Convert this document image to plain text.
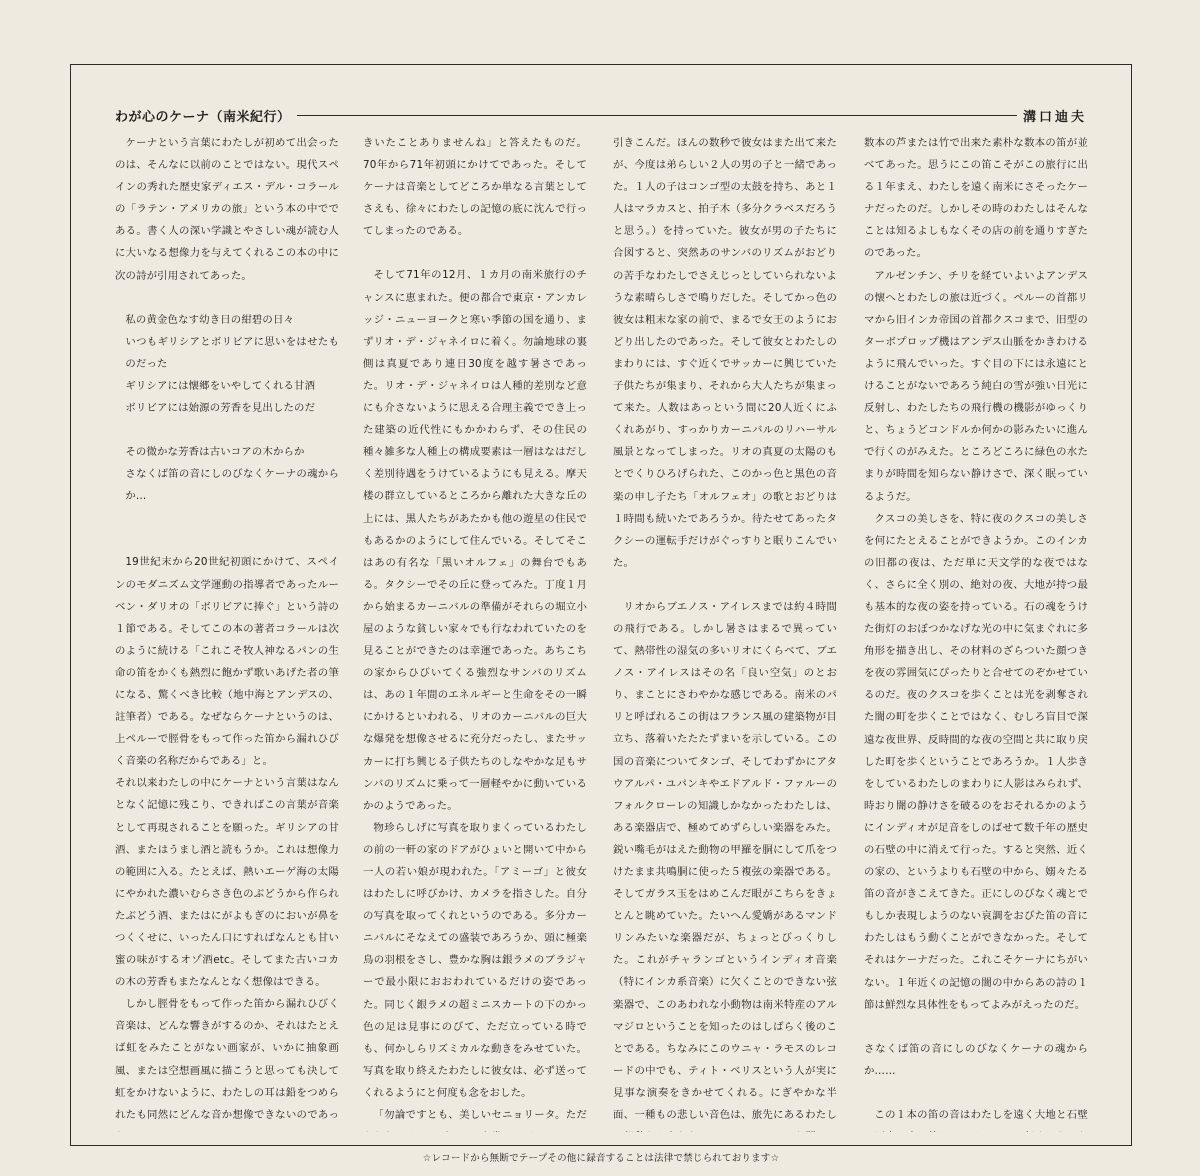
わが心のケーナ（南米紀行）	溝口迪夫

ケーナという言葉にわたしが初めて出会ったのは、そんなに以前のことではない。現代スペインの秀れた歴史家ディエス・デル・コラールの「ラテン・アメリカの旅」という本の中でである。書く人の深い学識とやさしい魂が読む人に大いなる想像力を与えてくれるこの本の中に次の詩が引用されてあった。

私の黄金色なす幼き日の紺碧の日々

いつもギリシアとボリビアに思いをはせたものだった

ギリシアには懐郷をいやしてくれる甘酒

ボリビアには始源の芳香を見出したのだ

その微かな芳香は古いコアの木からか

さなくば笛の音にしのびなくケーナの魂からか…

19世紀末から20世紀初頭にかけて、スペインのモダニズム文学運動の指導者であったルーベン・ダリオの「ボリビアに捧ぐ」という詩の１節である。そしてこの本の著者コラールは次のように続ける「これこそ牧人神なるパンの生命の笛をかくも熱烈に飽かず歌いあげた者の筆になる、驚くべき比較（地中海とアンデスの、註筆者）である。なぜならケーナというのは、上ペルーで脛骨をもって作った笛から漏れひびく音楽の名称だからである」と。

それ以来わたしの中にケーナという言葉はなんとなく記憶に残こり、できればこの言葉が音楽として再現されることを願った。ギリシアの甘酒、またはうまし酒と読もうか。これは想像力の範囲に入る。たとえば、熱いエーゲ海の太陽にやかれた濃いむらさき色のぶどうから作られたぶどう酒、またはにがよもぎのにおいが鼻をつくくせに、いったん口にすればなんとも甘い蜜の味がするオゾ酒etc。そしてまた古いコカの木の芳香もまたなんとなく想像はできる。

しかし脛骨をもって作った笛から漏れひびく音楽は、どんな響きがするのか、それはたとえば虹をみたことがない画家が、いかに抽象画風、または空想画風に描こうと思っても決して虹をかけないように、わたしの耳は鉛をつめられたも同然にどんな音か想像できないのであっ

きいたことありませんね」と答えたものだ。70年から71年初頭にかけてであった。そしてケーナは音楽としてどころか単なる言葉としてさえも、徐々にわたしの記憶の底に沈んで行ってしまったのである。

そして71年の12月、１カ月の南米旅行のチャンスに恵まれた。便の都合で東京・アンカレッジ・ニューヨークと寒い季節の国を通り、まずリオ・デ・ジャネイロに着く。勿論地球の裏側は真夏であり連日30度を越す暑さであった。リオ・デ・ジャネイロは人種的差別など意にも介さないように思える合理主義ででき上った建築の近代性にもかかわらず、その住民の種々雑多な人種上の構成要素は一層はなはだしく差別待遇をうけているようにも見える。摩天楼の群立しているところから離れた大きな丘の上には、黒人たちがあたかも他の遊星の住民でもあるかのようにして住んでいる。そしてそこはあの有名な「黒いオルフェ」の舞台でもある。タクシーでその丘に登ってみた。丁度１月から始まるカーニバルの準備がそれらの堀立小屋のような貧しい家々でも行なわれていたのを見ることができたのは幸運であった。あちこちの家からひびいてくる強烈なサンバのリズムは、あの１年間のエネルギーと生命をその一瞬にかけるといわれる、リオのカーニバルの巨大な爆発を想像させるに充分だったし、またサッカーに打ち興じる子供たちのしなやかな足もサンバのリズムに乗って一層軽やかに動いているかのようであった。

物珍らしげに写真を取りまくっているわたしの前の一軒の家のドアがひょいと開いて中から一人の若い娘が現われた。「アミーゴ」と彼女はわたしに呼びかけ、カメラを指さした。自分の写真を取ってくれというのである。多分カーニバルにそなえての盛装であろうか、頭に極楽鳥の羽根をさし、豊かな胸は銀ラメのブラジャーで最小限におおわれているだけの姿であった。同じく銀ラメの超ミニスカートの下のかっ色の足は見事にのびて、ただ立っている時でも、何かしらリズミカルな動きをみせていた。写真を取り終えたわたしに彼女は、必ず送ってくれるようにと何度も念をおした。

「勿論ですとも、美しいセニョリータ。ただ

引きこんだ。ほんの数秒で彼女はまた出て来たが、今度は弟らしい２人の男の子と一緒であった。１人の子はコンゴ型の太鼓を持ち、あと１人はマラカスと、拍子木（多分クラベスだろうと思う。）を持っていた。彼女が男の子たちに合図すると、突然あのサンバのリズムがおどりの苦手なわたしでさえじっとしていられないような素晴らしさで鳴りだした。そしてかっ色の彼女は粗末な家の前で、まるで女王のようにおどり出したのであった。そして彼女とわたしのまわりには、すぐ近くでサッカーに興じていた子供たちが集まり、それから大人たちが集まって来た。人数はあっという間に20人近くにふくれあがり、すっかりカーニバルのリハーサル風景となってしまった。リオの真夏の太陽のもとでくりひろげられた、このかっ色と黒色の音楽の申し子たち「オルフェオ」の歌とおどりは１時間も続いたであろうか。待たせてあったタクシーの運転手だけがぐっすりと眠りこんでいた。

リオからブエノス・アイレスまでは約４時間の飛行である。しかし暑さはまるで異っていて、熱帯性の湿気の多いリオにくらべて、ブエノス・アイレスはその名「良い空気」のとおり、まことにさわやかな感じである。南米のパリと呼ばれるこの街はフランス風の建築物が目立ち、落着いたたたずまいを示している。この国の音楽についてタンゴ、そしてわずかにアタウアルパ・ユパンキやエドアルド・ファルーのフォルクローレの知識しかなかったわたしは、ある楽器店で、極めてめずらしい楽器をみた。鋭い嘴毛がはえた動物の甲羅を胴にして爪をつけたまま共鳴胴に使った５複弦の楽器である。そしてガラス玉をはめこんだ眼がこちらをきょとんと眺めていた。たいへん愛嬌があるマンドリンみたいな楽器だが、ちょっとびっくりした。これがチャランゴというインディオ音楽（特にインカ系音楽）に欠くことのできない弦楽器で、このあわれな小動物は南米特産のアルマジロということを知ったのはしばらく後のことである。ちなみにこのウニャ・ラモスのレコードの中でも、ティト・ベリスという人が実に見事な演奏をきかせてくれる。にぎやかな半面、一種もの悲しい音色は、旅先にあるわたし

数本の芦または竹で出来た素朴な数本の笛が並べてあった。思うにこの笛こそがこの旅行に出る１年まえ、わたしを遠く南米にさそったケーナだったのだ。しかしその時のわたしはそんなことは知るよしもなくその店の前を通りすぎたのであった。

アルゼンチン、チリを経ていよいよアンデスの懐へとわたしの旅は近づく。ペルーの首都リマから旧インカ帝国の首都クスコまで、旧型のターボプロップ機はアンデス山脈をかきわけるように飛んでいった。すぐ目の下には永遠にとけることがないであろう純白の雪が強い日光に反射し、わたしたちの飛行機の機影がゆっくりと、ちょうどコンドルか何かの影みたいに進んで行くのがみえた。ところどころに緑色の水たまりが時間を知らない静けさで、深く眠っているようだ。

クスコの美しさを、特に夜のクスコの美しさを何にたとえることができようか。このインカの旧都の夜は、ただ単に天文学的な夜ではなく、さらに全く別の、絶対の夜、大地が持つ最も基本的な夜の姿を持っている。石の魂をうけた街灯のおぼつかなげな光の中に気まぐれに多角形を描き出し、その材料のざらついた顔つきを夜の雰囲気にぴったりと合せてのぞかせているのだ。夜のクスコを歩くことは光を剥奪された闇の町を歩くことではなく、むしろ盲目で深遠な夜世界、反時間的な夜の空間と共に取り戻した町を歩くということであろうか。１人歩きをしているわたしのまわりに人影はみられず、時おり闇の静けさを破るのをおそれるかのようにインディオが足音をしのばせて数千年の歴史の石壁の中に消えて行った。すると突然、近くの家の、というよりも石壁の中から、嫋々たる笛の音がきこえてきた。正にしのびなく魂とでもしか表現しようのない哀調をおびた笛の音にわたしはもう動くことができなかった。そしてそれはケーナだった。これこそケーナにちがいない。１年近くの記憶の闇の中からあの詩の１節は鮮烈な具体性をもってよみがえったのだ。

さなくば笛の音にしのびなくケーナの魂からか……

この１本の笛の音はわたしを遠く大地と石壁

☆レコードから無断でテープその他に録音することは法律で禁じられております☆
